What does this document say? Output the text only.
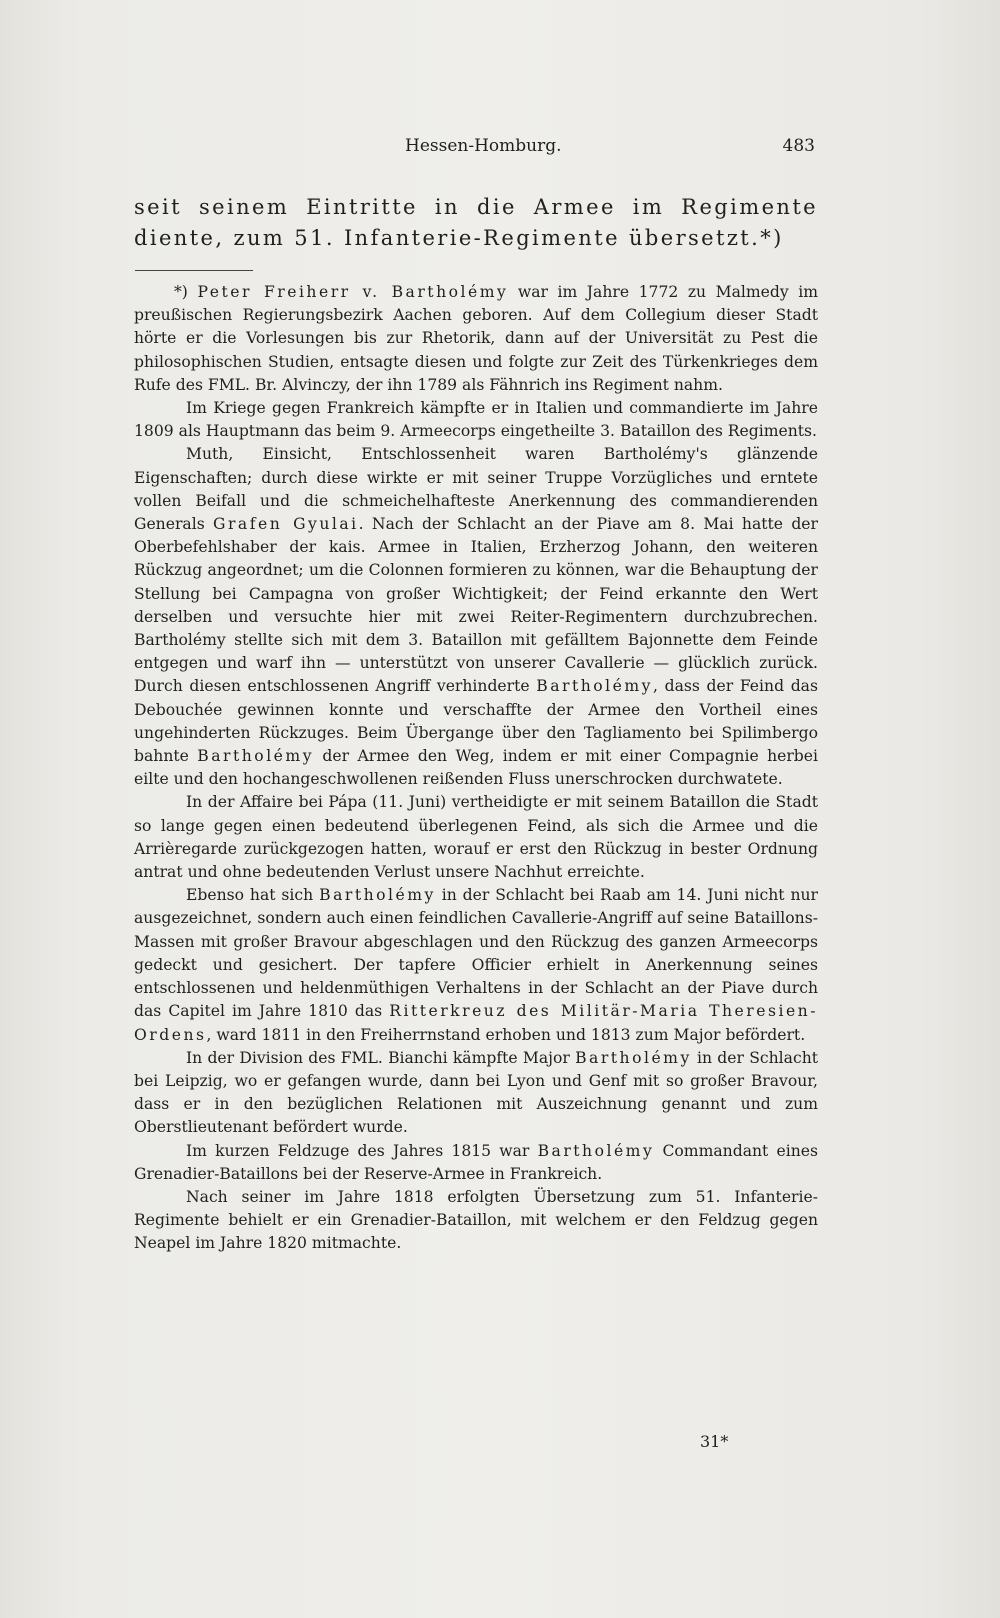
Hessen-Homburg.	483
seit seinem Eintritte in die Armee im Regimente diente, zum 51. Infanterie-Regimente übersetzt.*)

*) Peter Freiherr v. Bartholémy war im Jahre 1772 zu Malmedy im preußischen Regierungsbezirk Aachen geboren. Auf dem Collegium dieser Stadt hörte er die Vorlesungen bis zur Rhetorik, dann auf der Universität zu Pest die philosophischen Studien, entsagte diesen und folgte zur Zeit des Türkenkrieges dem Rufe des FML. Br. Alvinczy, der ihn 1789 als Fähnrich ins Regiment nahm.

Im Kriege gegen Frankreich kämpfte er in Italien und commandierte im Jahre 1809 als Hauptmann das beim 9. Armeecorps eingetheilte 3. Bataillon des Regiments.

Muth, Einsicht, Entschlossenheit waren Bartholémy's glänzende Eigenschaften; durch diese wirkte er mit seiner Truppe Vorzügliches und erntete vollen Beifall und die schmeichelhafteste Anerkennung des commandierenden Generals Grafen Gyulai. Nach der Schlacht an der Piave am 8. Mai hatte der Oberbefehlshaber der kais. Armee in Italien, Erzherzog Johann, den weiteren Rückzug angeordnet; um die Colonnen formieren zu können, war die Behauptung der Stellung bei Campagna von großer Wichtigkeit; der Feind erkannte den Wert derselben und versuchte hier mit zwei Reiter-Regimentern durchzubrechen. Bartholémy stellte sich mit dem 3. Bataillon mit gefälltem Bajonnette dem Feinde entgegen und warf ihn — unterstützt von unserer Cavallerie — glücklich zurück. Durch diesen entschlossenen Angriff verhinderte Bartholémy, dass der Feind das Debouchée gewinnen konnte und verschaffte der Armee den Vortheil eines ungehinderten Rückzuges. Beim Übergange über den Tagliamento bei Spilimbergo bahnte Bartholémy der Armee den Weg, indem er mit einer Compagnie herbei eilte und den hochangeschwollenen reißenden Fluss unerschrocken durchwatete.

In der Affaire bei Pápa (11. Juni) vertheidigte er mit seinem Bataillon die Stadt so lange gegen einen bedeutend überlegenen Feind, als sich die Armee und die Arrièregarde zurückgezogen hatten, worauf er erst den Rückzug in bester Ordnung antrat und ohne bedeutenden Verlust unsere Nachhut erreichte.

Ebenso hat sich Bartholémy in der Schlacht bei Raab am 14. Juni nicht nur ausgezeichnet, sondern auch einen feindlichen Cavallerie-Angriff auf seine Bataillons-Massen mit großer Bravour abgeschlagen und den Rückzug des ganzen Armeecorps gedeckt und gesichert. Der tapfere Officier erhielt in Anerkennung seines entschlossenen und heldenmüthigen Verhaltens in der Schlacht an der Piave durch das Capitel im Jahre 1810 das Ritterkreuz des Militär-Maria Theresien-Ordens, ward 1811 in den Freiherrnstand erhoben und 1813 zum Major befördert.

In der Division des FML. Bianchi kämpfte Major Bartholémy in der Schlacht bei Leipzig, wo er gefangen wurde, dann bei Lyon und Genf mit so großer Bravour, dass er in den bezüglichen Relationen mit Auszeichnung genannt und zum Oberstlieutenant befördert wurde.

Im kurzen Feldzuge des Jahres 1815 war Bartholémy Commandant eines Grenadier-Bataillons bei der Reserve-Armee in Frankreich.

Nach seiner im Jahre 1818 erfolgten Übersetzung zum 51. Infanterie-Regimente behielt er ein Grenadier-Bataillon, mit welchem er den Feldzug gegen Neapel im Jahre 1820 mitmachte.

31*
